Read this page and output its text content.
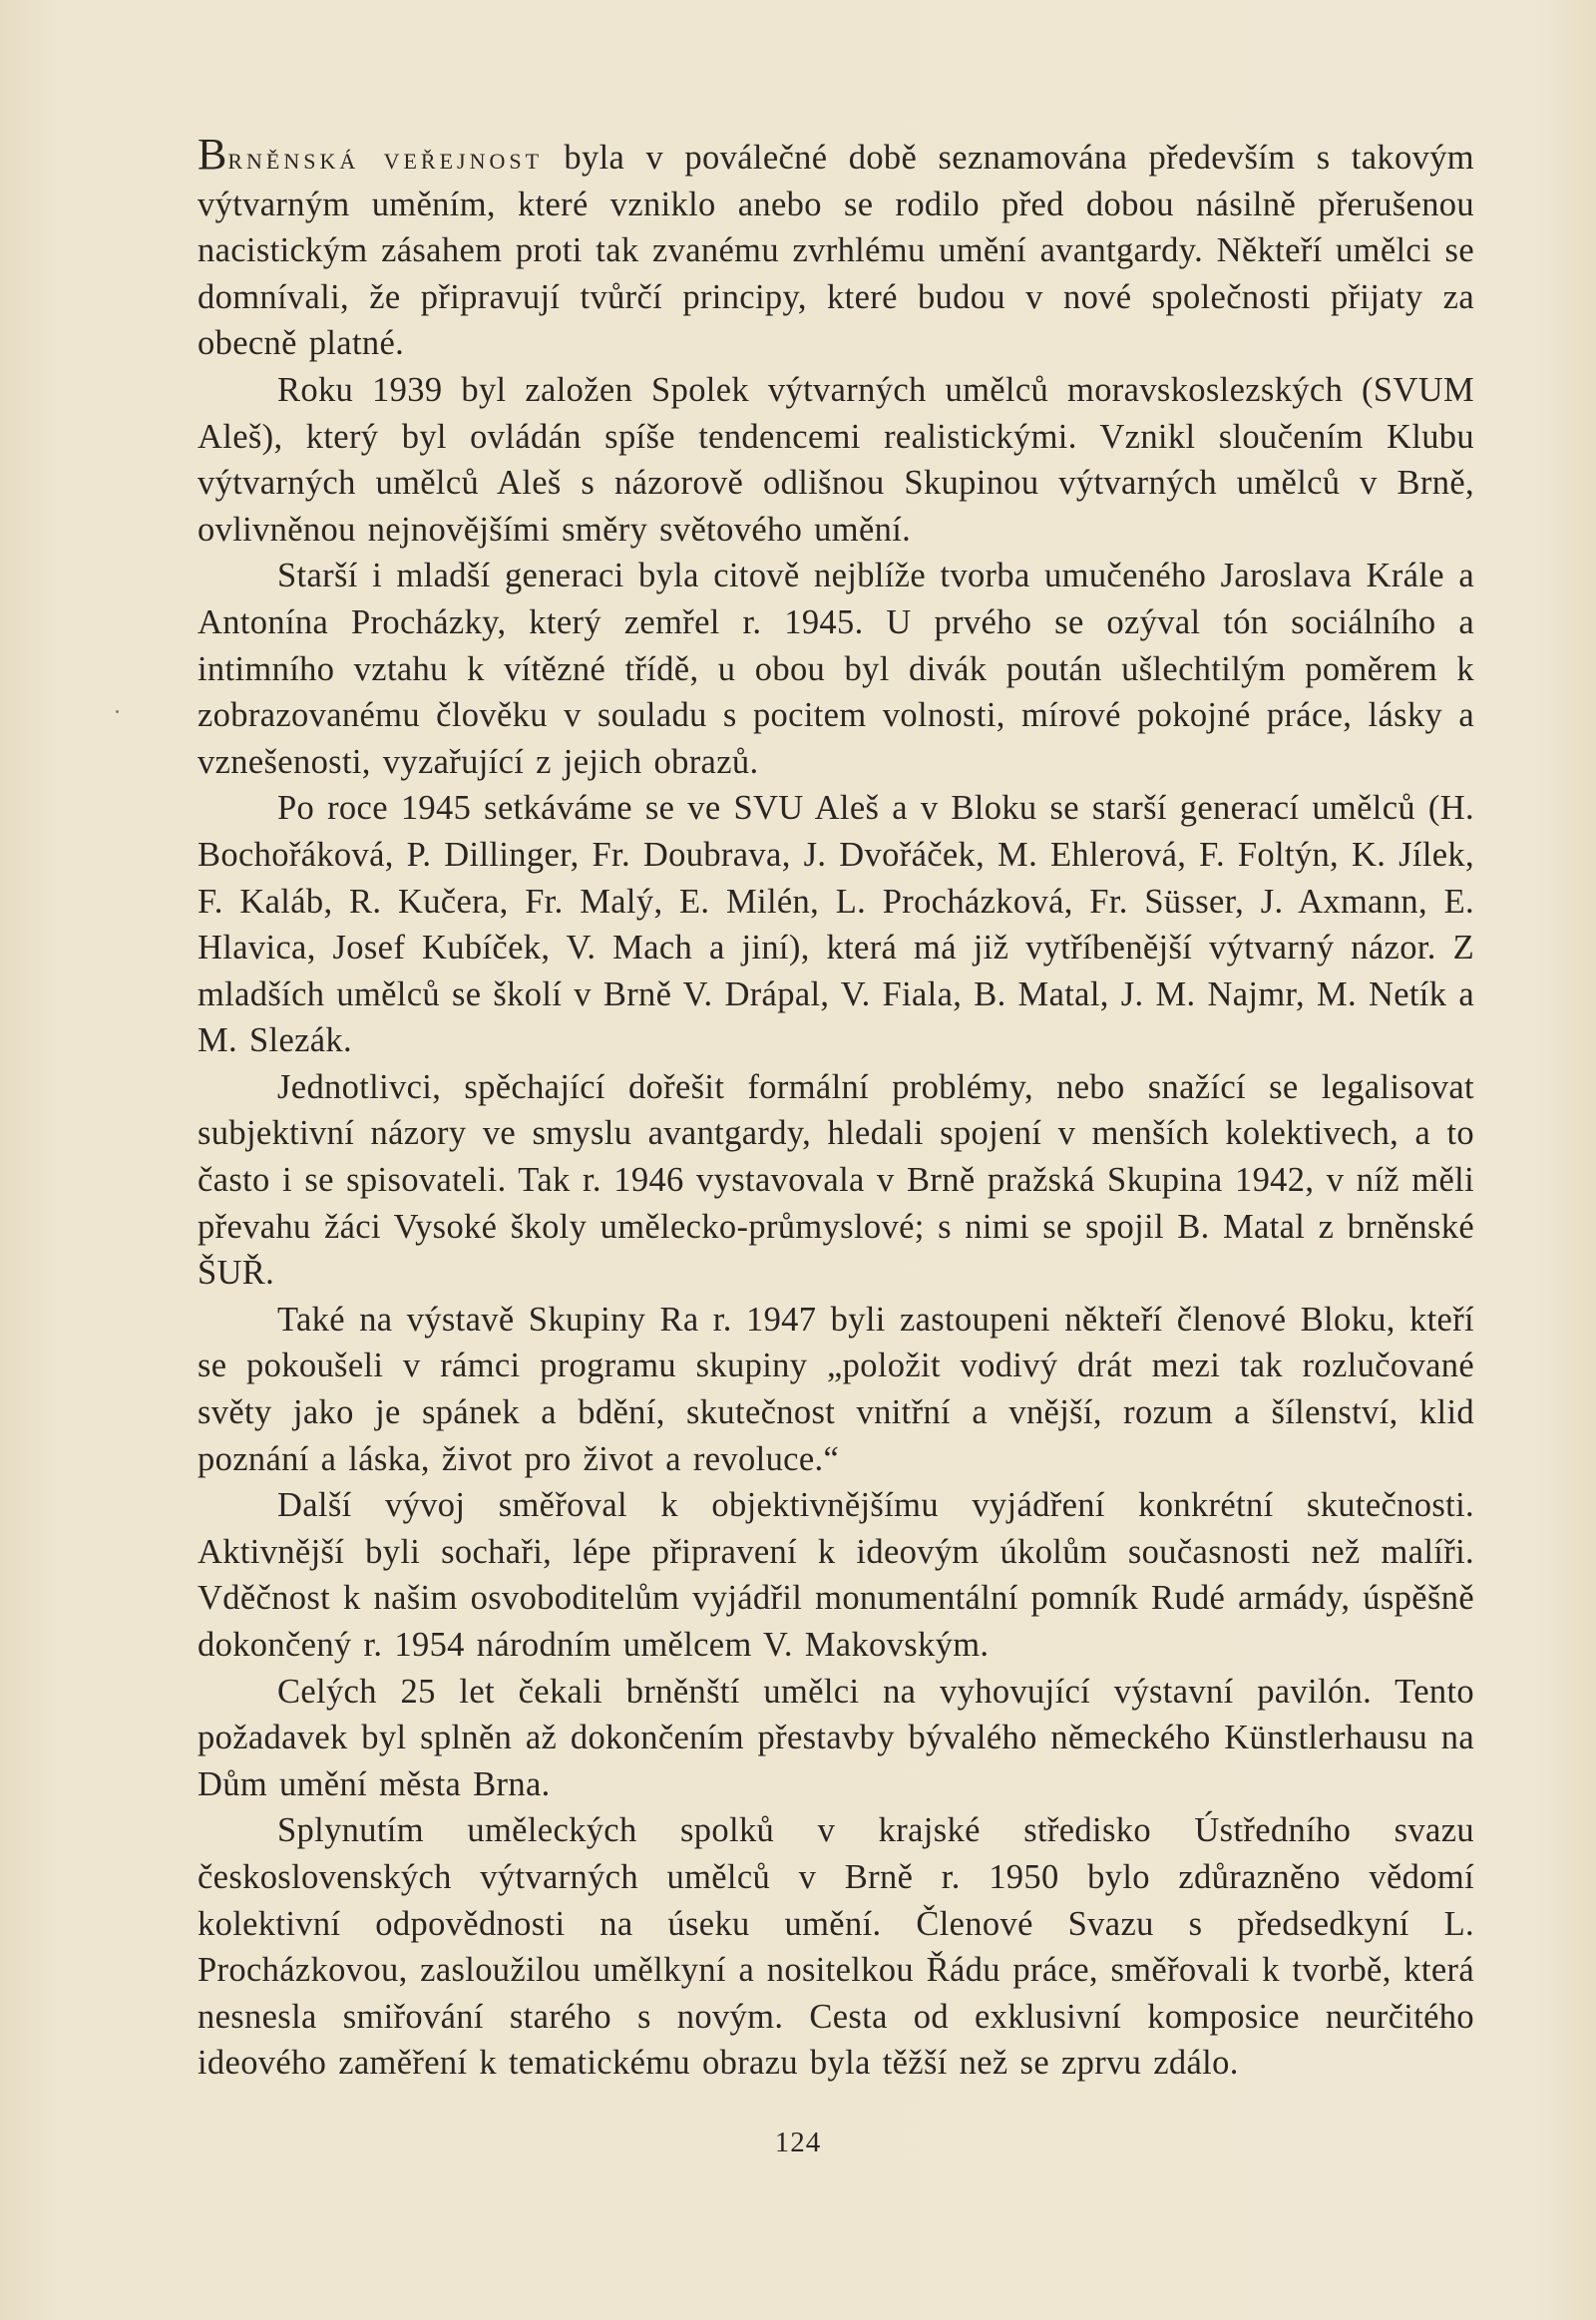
Brněnská veřejnost byla v poválečné době seznamována především s takovým výtvarným uměním, které vzniklo anebo se rodilo před dobou násilně přerušenou nacistickým zásahem proti tak zvanému zvrhlému umění avantgardy. Někteří umělci se domnívali, že připravují tvůrčí principy, které budou v nové společnosti přijaty za obecně platné.

Roku 1939 byl založen Spolek výtvarných umělců moravskoslezských (SVUM Aleš), který byl ovládán spíše tendencemi realistickými. Vznikl sloučením Klubu výtvarných umělců Aleš s názorově odlišnou Skupinou výtvarných umělců v Brně, ovlivněnou nejnovějšími směry světového umění.

Starší i mladší generaci byla citově nejblíže tvorba umučeného Jaroslava Krále a Antonína Procházky, který zemřel r. 1945. U prvého se ozýval tón sociálního a intimního vztahu k vítězné třídě, u obou byl divák poután ušlechtilým poměrem k zobrazovanému člověku v souladu s pocitem volnosti, mírové pokojné práce, lásky a vznešenosti, vyzařující z jejich obrazů.

Po roce 1945 setkáváme se ve SVU Aleš a v Bloku se starší generací umělců (H. Bochořáková, P. Dillinger, Fr. Doubrava, J. Dvořáček, M. Ehlerová, F. Foltýn, K. Jílek, F. Kaláb, R. Kučera, Fr. Malý, E. Milén, L. Procházková, Fr. Süsser, J. Axmann, E. Hlavica, Josef Kubíček, V. Mach a jiní), která má již vytříbenější výtvarný názor. Z mladších umělců se školí v Brně V. Drápal, V. Fiala, B. Matal, J. M. Najmr, M. Netík a M. Slezák.

Jednotlivci, spěchající dořešit formální problémy, nebo snažící se legalisovat subjektivní názory ve smyslu avantgardy, hledali spojení v menších kolektivech, a to často i se spisovateli. Tak r. 1946 vystavovala v Brně pražská Skupina 1942, v níž měli převahu žáci Vysoké školy umělecko-průmyslové; s nimi se spojil B. Matal z brněnské ŠUŘ.

Také na výstavě Skupiny Ra r. 1947 byli zastoupeni někteří členové Bloku, kteří se pokoušeli v rámci programu skupiny „položit vodivý drát mezi tak rozlučované světy jako je spánek a bdění, skutečnost vnitřní a vnější, rozum a šílenství, klid poznání a láska, život pro život a revoluce.“

Další vývoj směřoval k objektivnějšímu vyjádření konkrétní skutečnosti. Aktivnější byli sochaři, lépe připravení k ideovým úkolům současnosti než malíři. Vděčnost k našim osvoboditelům vyjádřil monumentální pomník Rudé armády, úspěšně dokončený r. 1954 národním umělcem V. Makovským.

Celých 25 let čekali brněnští umělci na vyhovující výstavní pavilón. Tento požadavek byl splněn až dokončením přestavby bývalého německého Künstlerhausu na Dům umění města Brna.

Splynutím uměleckých spolků v krajské středisko Ústředního svazu československých výtvarných umělců v Brně r. 1950 bylo zdůrazněno vědomí kolektivní odpovědnosti na úseku umění. Členové Svazu s předsedkyní L. Procházkovou, zasloužilou umělkyní a nositelkou Řádu práce, směřovali k tvorbě, která nesnesla smiřování starého s novým. Cesta od exklusivní komposice neurčitého ideového zaměření k tematickému obrazu byla těžší než se zprvu zdálo.

124
